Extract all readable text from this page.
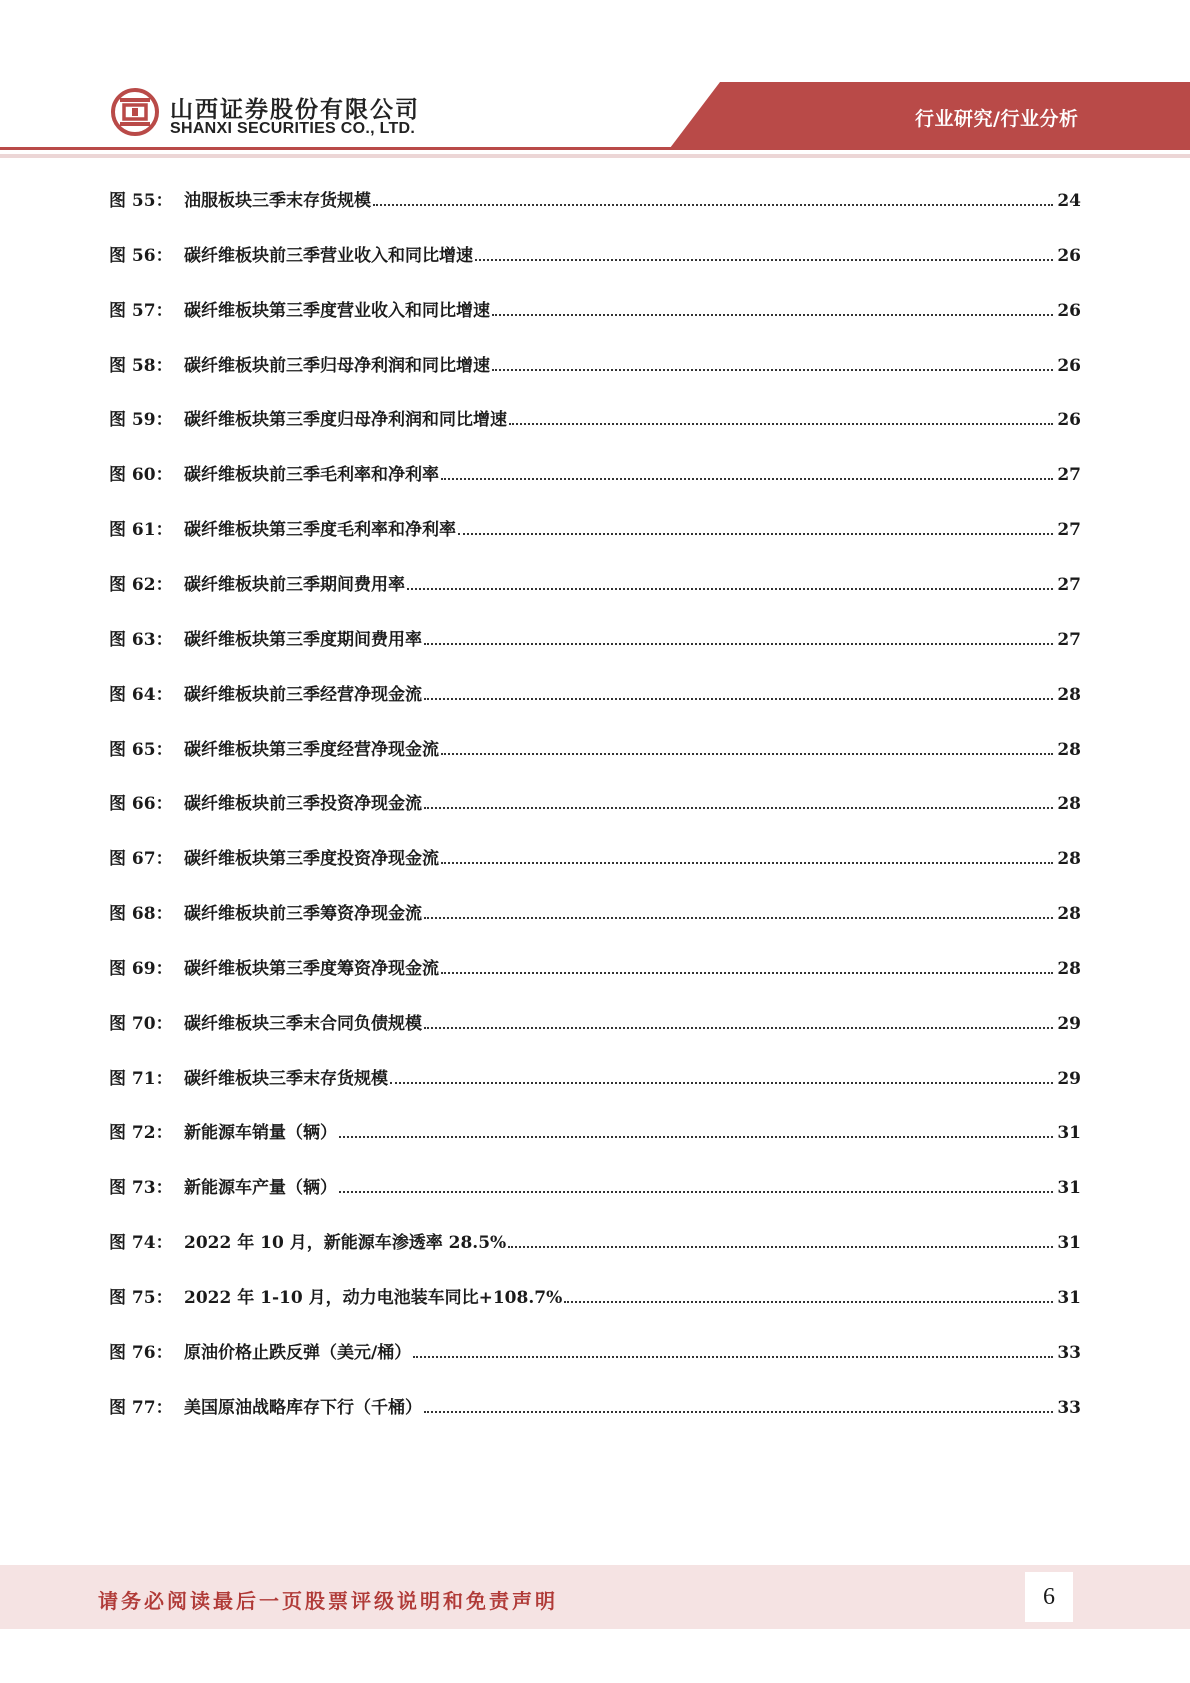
山西证券股份有限公司
SHANXI SECURITIES CO., LTD.	行业研究/行业分析
图 55： 油服板块三季末存货规模	24
图 56： 碳纤维板块前三季营业收入和同比增速	26
图 57： 碳纤维板块第三季度营业收入和同比增速	26
图 58： 碳纤维板块前三季归母净利润和同比增速	26
图 59： 碳纤维板块第三季度归母净利润和同比增速	26
图 60： 碳纤维板块前三季毛利率和净利率	27
图 61： 碳纤维板块第三季度毛利率和净利率	27
图 62： 碳纤维板块前三季期间费用率	27
图 63： 碳纤维板块第三季度期间费用率	27
图 64： 碳纤维板块前三季经营净现金流	28
图 65： 碳纤维板块第三季度经营净现金流	28
图 66： 碳纤维板块前三季投资净现金流	28
图 67： 碳纤维板块第三季度投资净现金流	28
图 68： 碳纤维板块前三季筹资净现金流	28
图 69： 碳纤维板块第三季度筹资净现金流	28
图 70： 碳纤维板块三季末合同负债规模	29
图 71： 碳纤维板块三季末存货规模	29
图 72： 新能源车销量（辆）	31
图 73： 新能源车产量（辆）	31
图 74： 2022 年 10 月，新能源车渗透率 28.5%	31
图 75： 2022 年 1-10 月，动力电池装车同比+108.7%	31
图 76： 原油价格止跌反弹（美元/桶）	33
图 77： 美国原油战略库存下行（千桶）	33
请务必阅读最后一页股票评级说明和免责声明	6
